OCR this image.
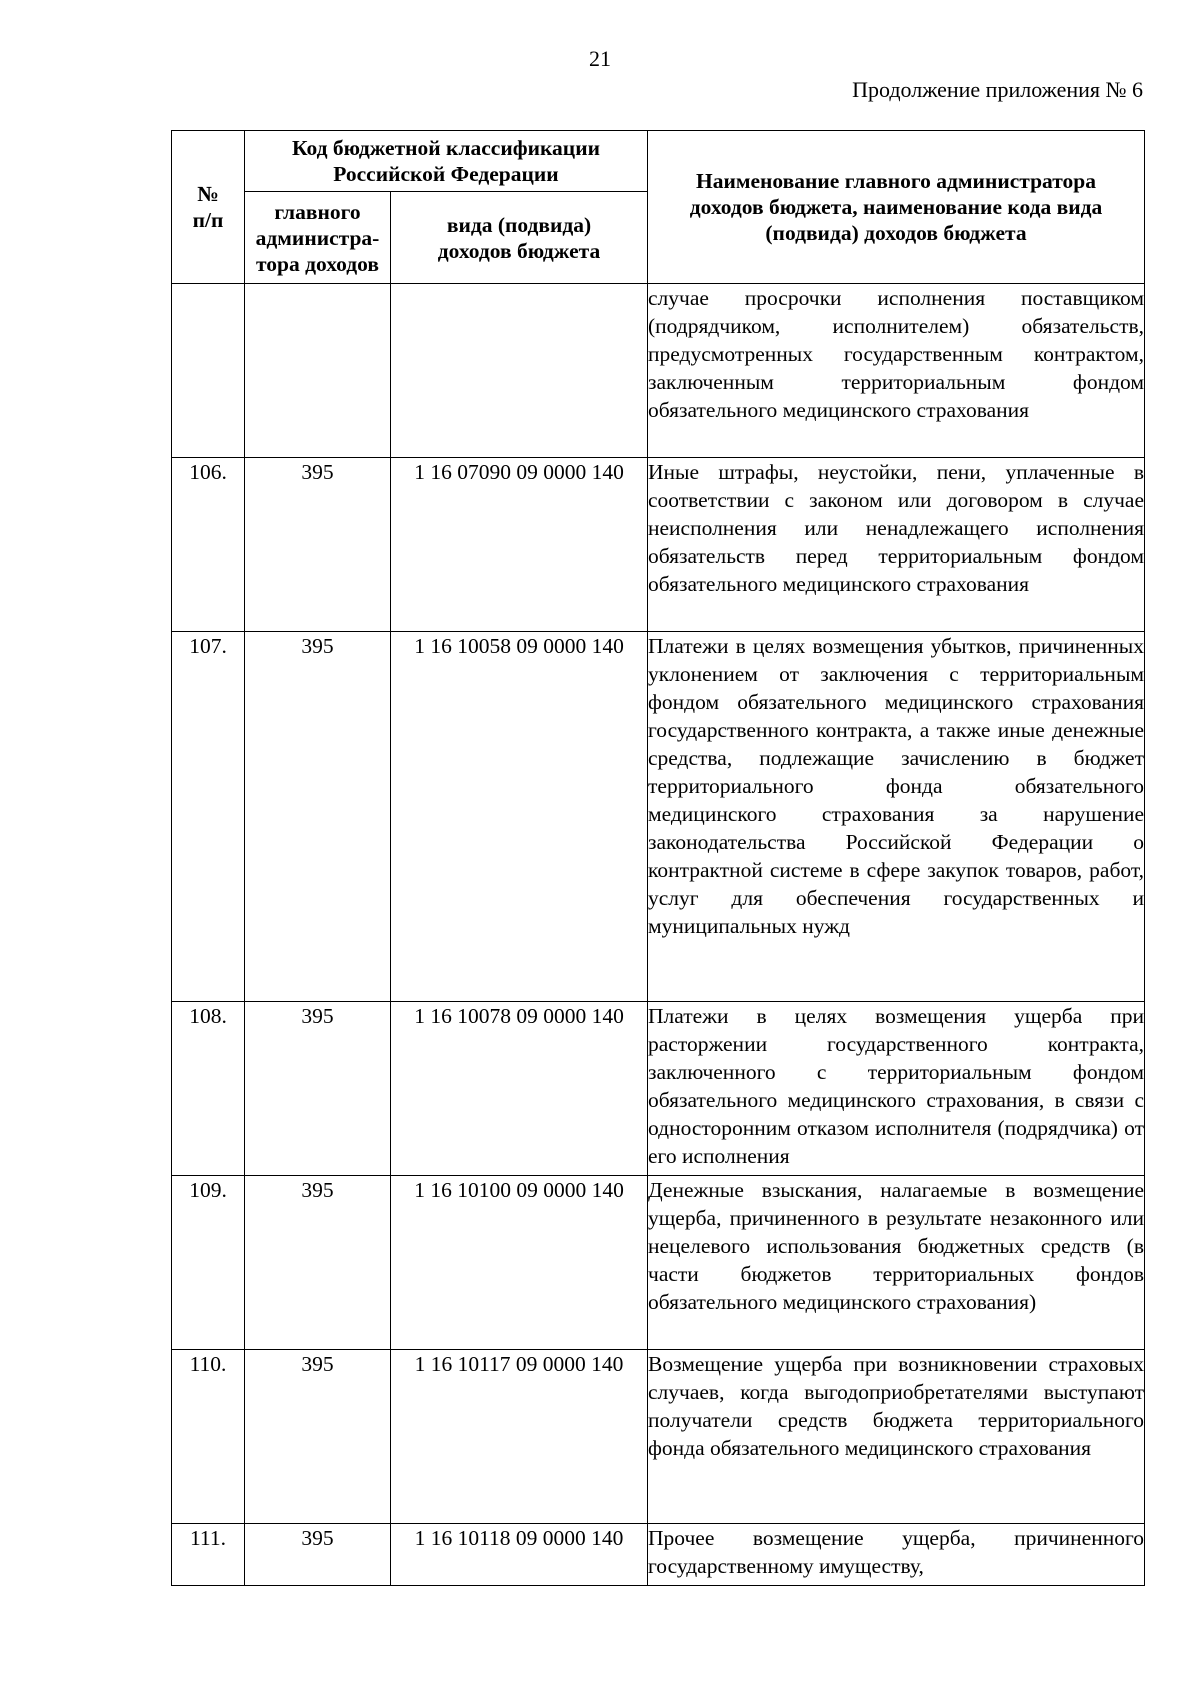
21
Продолжение приложения № 6
№ п/п	Код бюджетной классификации Российской Федерации		Наименование главного администратора доходов бюджета, наименование кода вида (подвида) доходов бюджета
	главного администра-тора доходов	вида (подвида) доходов бюджета	
			случае просрочки исполнения поставщиком (подрядчиком, исполнителем) обязательств, предусмотренных государственным контрактом, заключенным территориальным фондом обязательного медицинского страхования
106.	395	1 16 07090 09 0000 140	Иные штрафы, неустойки, пени, уплаченные в соответствии с законом или договором в случае неисполнения или ненадлежащего исполнения обязательств перед территориальным фондом обязательного медицинского страхования
107.	395	1 16 10058 09 0000 140	Платежи в целях возмещения убытков, причиненных уклонением от заключения с территориальным фондом обязательного медицинского страхования государственного контракта, а также иные денежные средства, подлежащие зачислению в бюджет территориального фонда обязательного медицинского страхования за нарушение законодательства Российской Федерации о контрактной системе в сфере закупок товаров, работ, услуг для обеспечения государственных и муниципальных нужд
108.	395	1 16 10078 09 0000 140	Платежи в целях возмещения ущерба при расторжении государственного контракта, заключенного с территориальным фондом обязательного медицинского страхования, в связи с односторонним отказом исполнителя (подрядчика) от его исполнения
109.	395	1 16 10100 09 0000 140	Денежные взыскания, налагаемые в возмещение ущерба, причиненного в результате незаконного или нецелевого использования бюджетных средств (в части бюджетов территориальных фондов обязательного медицинского страхования)
110.	395	1 16 10117 09 0000 140	Возмещение ущерба при возникновении страховых случаев, когда выгодоприобретателями выступают получатели средств бюджета территориального фонда обязательного медицинского страхования
111.	395	1 16 10118 09 0000 140	Прочее возмещение ущерба, причиненного государственному имуществу,
